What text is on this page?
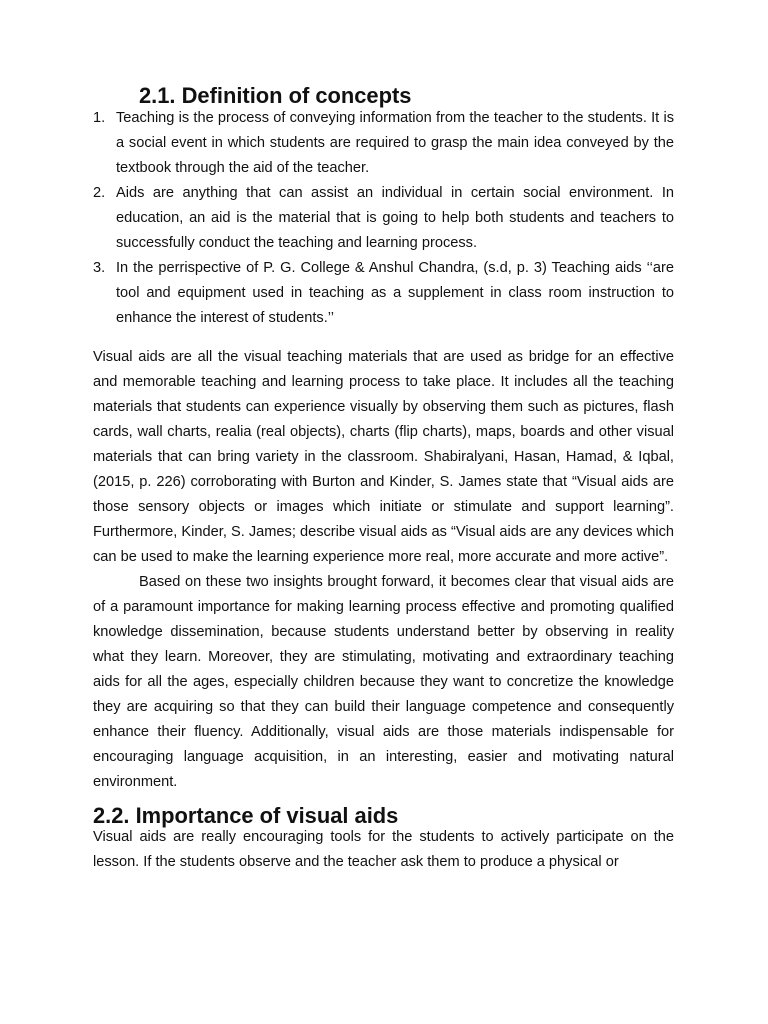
2.1. Definition of concepts
1. Teaching is the process of conveying information from the teacher to the students. It is a social event in which students are required to grasp the main idea conveyed by the textbook through the aid of the teacher.
2. Aids are anything that can assist an individual in certain social environment. In education, an aid is the material that is going to help both students and teachers to successfully conduct the teaching and learning process.
3. In the perrispective of P. G. College & Anshul Chandra, (s.d, p. 3) Teaching aids ‘‘are tool and equipment used in teaching as a supplement in class room instruction to enhance the interest of students.’’

Visual aids are all the visual teaching materials that are used as bridge for an effective and memorable teaching and learning process to take place. It includes all the teaching materials that students can experience visually by observing them such as pictures, flash cards, wall charts, realia (real objects), charts (flip charts), maps, boards and other visual materials that can bring variety in the classroom. Shabiralyani, Hasan, Hamad, & Iqbal, (2015, p. 226) corroborating with Burton and Kinder, S. James state that “Visual aids are those sensory objects or images which initiate or stimulate and support learning”. Furthermore, Kinder, S. James; describe visual aids as “Visual aids are any devices which can be used to make the learning experience more real, more accurate and more active”.

Based on these two insights brought forward, it becomes clear that visual aids are of a paramount importance for making learning process effective and promoting qualified knowledge dissemination, because students understand better by observing in reality what they learn. Moreover, they are stimulating, motivating and extraordinary teaching aids for all the ages, especially children because they want to concretize the knowledge they are acquiring so that they can build their language competence and consequently enhance their fluency. Additionally, visual aids are those materials indispensable for encouraging language acquisition, in an interesting, easier and motivating natural environment.

2.2. Importance of visual aids

Visual aids are really encouraging tools for the students to actively participate on the lesson. If the students observe and the teacher ask them to produce a physical or
